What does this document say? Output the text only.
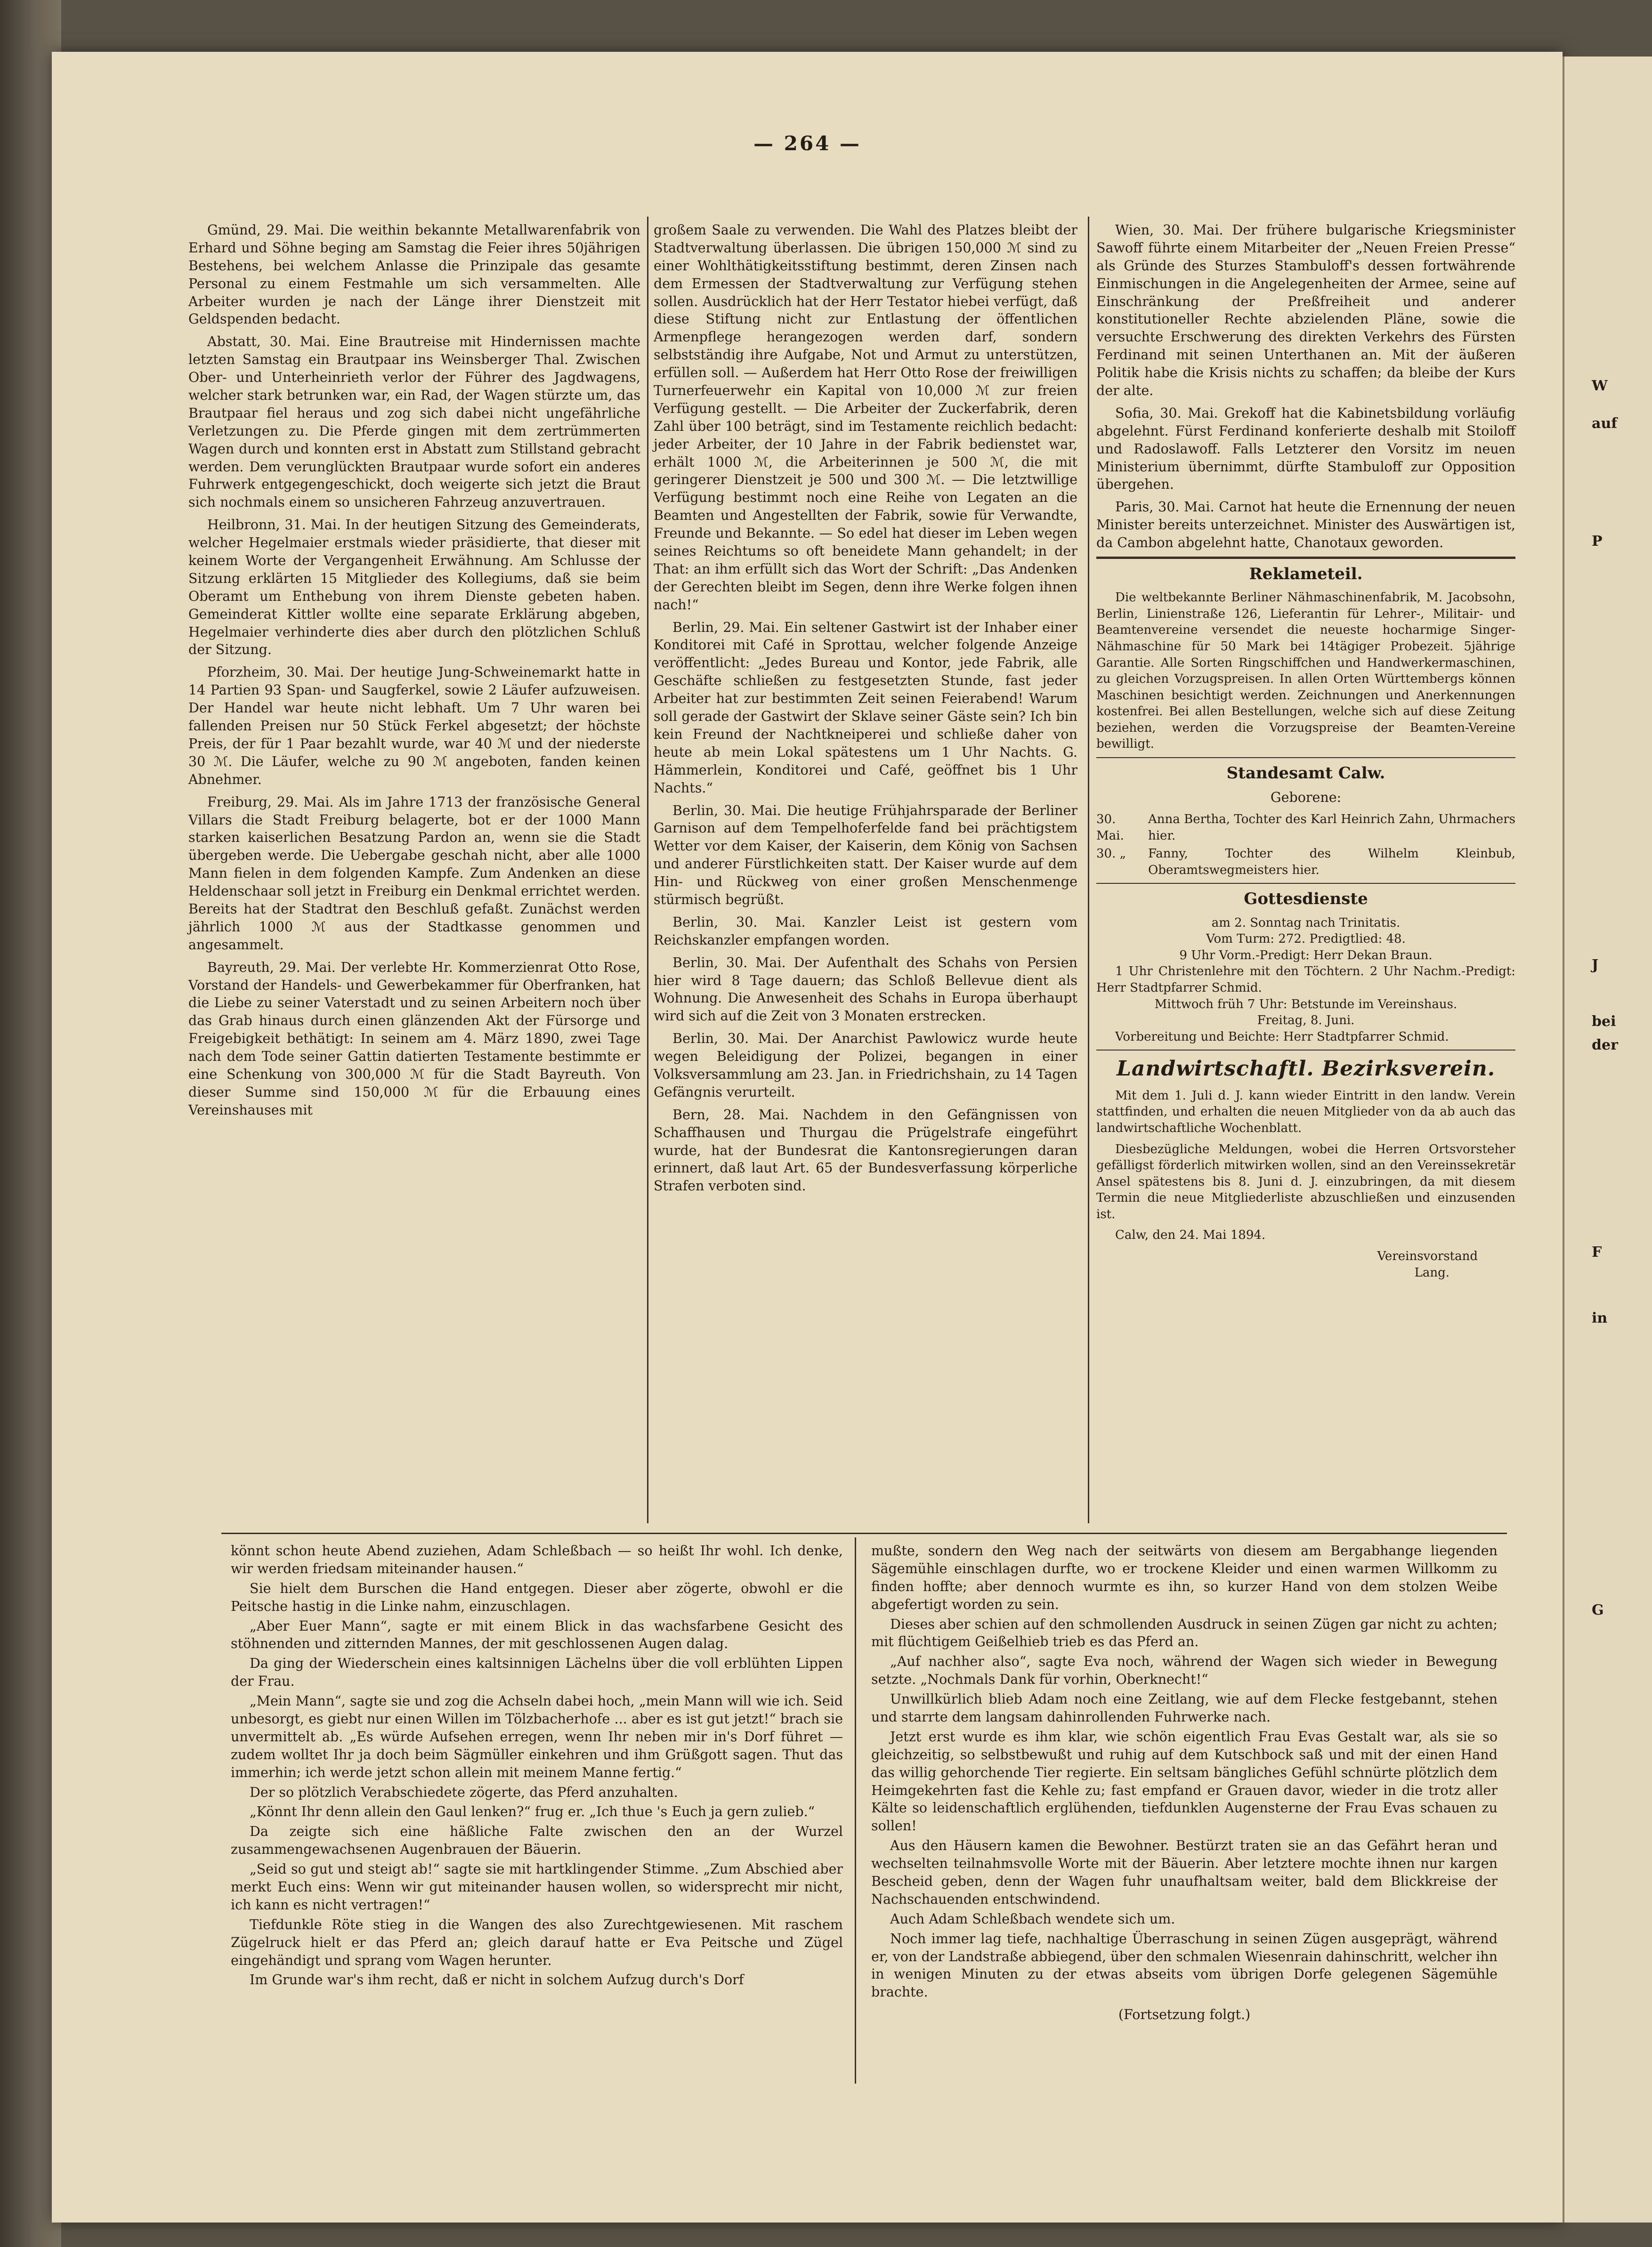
— 264 —

Gmünd, 29. Mai. Die weithin bekannte Metallwarenfabrik von Erhard und Söhne beging am Samstag die Feier ihres 50jährigen Bestehens, bei welchem Anlasse die Prinzipale das gesamte Personal zu einem Festmahle um sich versammelten. Alle Arbeiter wurden je nach der Länge ihrer Dienstzeit mit Geldspenden bedacht.

Abstatt, 30. Mai. Eine Brautreise mit Hindernissen machte letzten Samstag ein Brautpaar ins Weinsberger Thal. Zwischen Ober- und Unterheinrieth verlor der Führer des Jagdwagens, welcher stark betrunken war, ein Rad, der Wagen stürzte um, das Brautpaar fiel heraus und zog sich dabei nicht ungefährliche Verletzungen zu. Die Pferde gingen mit dem zertrümmerten Wagen durch und konnten erst in Abstatt zum Stillstand gebracht werden. Dem verunglückten Brautpaar wurde sofort ein anderes Fuhrwerk entgegengeschickt, doch weigerte sich jetzt die Braut sich nochmals einem so unsicheren Fahrzeug anzuvertrauen.

Heilbronn, 31. Mai. In der heutigen Sitzung des Gemeinderats, welcher Hegelmaier erstmals wieder präsidierte, that dieser mit keinem Worte der Vergangenheit Erwähnung. Am Schlusse der Sitzung erklärten 15 Mitglieder des Kollegiums, daß sie beim Oberamt um Enthebung von ihrem Dienste gebeten haben. Gemeinderat Kittler wollte eine separate Erklärung abgeben, Hegelmaier verhinderte dies aber durch den plötzlichen Schluß der Sitzung.

Pforzheim, 30. Mai. Der heutige Jung-Schweinemarkt hatte in 14 Partien 93 Span- und Saugferkel, sowie 2 Läufer aufzuweisen. Der Handel war heute nicht lebhaft. Um 7 Uhr waren bei fallenden Preisen nur 50 Stück Ferkel abgesetzt; der höchste Preis, der für 1 Paar bezahlt wurde, war 40 ℳ und der niederste 30 ℳ. Die Läufer, welche zu 90 ℳ angeboten, fanden keinen Abnehmer.

Freiburg, 29. Mai. Als im Jahre 1713 der französische General Villars die Stadt Freiburg belagerte, bot er der 1000 Mann starken kaiserlichen Besatzung Pardon an, wenn sie die Stadt übergeben werde. Die Uebergabe geschah nicht, aber alle 1000 Mann fielen in dem folgenden Kampfe. Zum Andenken an diese Heldenschaar soll jetzt in Freiburg ein Denkmal errichtet werden. Bereits hat der Stadtrat den Beschluß gefaßt. Zunächst werden jährlich 1000 ℳ aus der Stadtkasse genommen und angesammelt.

Bayreuth, 29. Mai. Der verlebte Hr. Kommerzienrat Otto Rose, Vorstand der Handels- und Gewerbekammer für Oberfranken, hat die Liebe zu seiner Vaterstadt und zu seinen Arbeitern noch über das Grab hinaus durch einen glänzenden Akt der Fürsorge und Freigebigkeit bethätigt: In seinem am 4. März 1890, zwei Tage nach dem Tode seiner Gattin datierten Testamente bestimmte er eine Schenkung von 300,000 ℳ für die Stadt Bayreuth. Von dieser Summe sind 150,000 ℳ für die Erbauung eines Vereinshauses mit

großem Saale zu verwenden. Die Wahl des Platzes bleibt der Stadtverwaltung überlassen. Die übrigen 150,000 ℳ sind zu einer Wohlthätigkeitsstiftung bestimmt, deren Zinsen nach dem Ermessen der Stadtverwaltung zur Verfügung stehen sollen. Ausdrücklich hat der Herr Testator hiebei verfügt, daß diese Stiftung nicht zur Entlastung der öffentlichen Armenpflege herangezogen werden darf, sondern selbstständig ihre Aufgabe, Not und Armut zu unterstützen, erfüllen soll. — Außerdem hat Herr Otto Rose der freiwilligen Turnerfeuerwehr ein Kapital von 10,000 ℳ zur freien Verfügung gestellt. — Die Arbeiter der Zuckerfabrik, deren Zahl über 100 beträgt, sind im Testamente reichlich bedacht: jeder Arbeiter, der 10 Jahre in der Fabrik bedienstet war, erhält 1000 ℳ, die Arbeiterinnen je 500 ℳ, die mit geringerer Dienstzeit je 500 und 300 ℳ. — Die letztwillige Verfügung bestimmt noch eine Reihe von Legaten an die Beamten und Angestellten der Fabrik, sowie für Verwandte, Freunde und Bekannte. — So edel hat dieser im Leben wegen seines Reichtums so oft beneidete Mann gehandelt; in der That: an ihm erfüllt sich das Wort der Schrift: „Das Andenken der Gerechten bleibt im Segen, denn ihre Werke folgen ihnen nach!“

Berlin, 29. Mai. Ein seltener Gastwirt ist der Inhaber einer Konditorei mit Café in Sprottau, welcher folgende Anzeige veröffentlicht: „Jedes Bureau und Kontor, jede Fabrik, alle Geschäfte schließen zu festgesetzten Stunde, fast jeder Arbeiter hat zur bestimmten Zeit seinen Feierabend! Warum soll gerade der Gastwirt der Sklave seiner Gäste sein? Ich bin kein Freund der Nachtkneiperei und schließe daher von heute ab mein Lokal spätestens um 1 Uhr Nachts. G. Hämmerlein, Konditorei und Café, geöffnet bis 1 Uhr Nachts.“

Berlin, 30. Mai. Die heutige Frühjahrsparade der Berliner Garnison auf dem Tempelhoferfelde fand bei prächtigstem Wetter vor dem Kaiser, der Kaiserin, dem König von Sachsen und anderer Fürstlichkeiten statt. Der Kaiser wurde auf dem Hin- und Rückweg von einer großen Menschenmenge stürmisch begrüßt.

Berlin, 30. Mai. Kanzler Leist ist gestern vom Reichskanzler empfangen worden.

Berlin, 30. Mai. Der Aufenthalt des Schahs von Persien hier wird 8 Tage dauern; das Schloß Bellevue dient als Wohnung. Die Anwesenheit des Schahs in Europa überhaupt wird sich auf die Zeit von 3 Monaten erstrecken.

Berlin, 30. Mai. Der Anarchist Pawlowicz wurde heute wegen Beleidigung der Polizei, begangen in einer Volksversammlung am 23. Jan. in Friedrichshain, zu 14 Tagen Gefängnis verurteilt.

Bern, 28. Mai. Nachdem in den Gefängnissen von Schaffhausen und Thurgau die Prügelstrafe eingeführt wurde, hat der Bundesrat die Kantonsregierungen daran erinnert, daß laut Art. 65 der Bundesverfassung körperliche Strafen verboten sind.

Wien, 30. Mai. Der frühere bulgarische Kriegsminister Sawoff führte einem Mitarbeiter der „Neuen Freien Presse“ als Gründe des Sturzes Stambuloff's dessen fortwährende Einmischungen in die Angelegenheiten der Armee, seine auf Einschränkung der Preßfreiheit und anderer konstitutioneller Rechte abzielenden Pläne, sowie die versuchte Erschwerung des direkten Verkehrs des Fürsten Ferdinand mit seinen Unterthanen an. Mit der äußeren Politik habe die Krisis nichts zu schaffen; da bleibe der Kurs der alte.

Sofia, 30. Mai. Grekoff hat die Kabinetsbildung vorläufig abgelehnt. Fürst Ferdinand konferierte deshalb mit Stoiloff und Radoslawoff. Falls Letzterer den Vorsitz im neuen Ministerium übernimmt, dürfte Stambuloff zur Opposition übergehen.

Paris, 30. Mai. Carnot hat heute die Ernennung der neuen Minister bereits unterzeichnet. Minister des Auswärtigen ist, da Cambon abgelehnt hatte, Chanotaux geworden.

Reklameteil.

Die weltbekannte Berliner Nähmaschinenfabrik, M. Jacobsohn, Berlin, Linienstraße 126, Lieferantin für Lehrer-, Militair- und Beamtenvereine versendet die neueste hocharmige Singer-Nähmaschine für 50 Mark bei 14tägiger Probezeit. 5jährige Garantie. Alle Sorten Ringschiffchen und Handwerkermaschinen, zu gleichen Vorzugspreisen. In allen Orten Württembergs können Maschinen besichtigt werden. Zeichnungen und Anerkennungen kostenfrei. Bei allen Bestellungen, welche sich auf diese Zeitung beziehen, werden die Vorzugspreise der Beamten-Vereine bewilligt.

Standesamt Calw.

Geborene:

30. Mai.
Anna Bertha, Tochter des Karl Heinrich Zahn, Uhrmachers hier.
30. „	Fanny, Tochter des Wilhelm Kleinbub, Oberamtswegmeisters hier.

Gottesdienste

am 2. Sonntag nach Trinitatis.

Vom Turm: 272. Predigtlied: 48.

9 Uhr Vorm.-Predigt: Herr Dekan Braun.

1 Uhr Christenlehre mit den Töchtern. 2 Uhr Nachm.-Predigt: Herr Stadtpfarrer Schmid.

Mittwoch früh 7 Uhr: Betstunde im Vereinshaus.

Freitag, 8. Juni.

Vorbereitung und Beichte: Herr Stadtpfarrer Schmid.

Landwirtschaftl. Bezirksverein.

Mit dem 1. Juli d. J. kann wieder Eintritt in den landw. Verein stattfinden, und erhalten die neuen Mitglieder von da ab auch das landwirtschaftliche Wochenblatt.

Diesbezügliche Meldungen, wobei die Herren Ortsvorsteher gefälligst förderlich mitwirken wollen, sind an den Vereinssekretär Ansel spätestens bis 8. Juni d. J. einzubringen, da mit diesem Termin die neue Mitgliederliste abzuschließen und einzusenden ist.

Calw, den 24. Mai 1894.

Vereinsvorstand

Lang.

könnt schon heute Abend zuziehen, Adam Schleßbach — so heißt Ihr wohl. Ich denke, wir werden friedsam miteinander hausen.“

Sie hielt dem Burschen die Hand entgegen. Dieser aber zögerte, obwohl er die Peitsche hastig in die Linke nahm, einzuschlagen.

„Aber Euer Mann“, sagte er mit einem Blick in das wachsfarbene Gesicht des stöhnenden und zitternden Mannes, der mit geschlossenen Augen dalag.

Da ging der Wiederschein eines kaltsinnigen Lächelns über die voll erblühten Lippen der Frau.

„Mein Mann“, sagte sie und zog die Achseln dabei hoch, „mein Mann will wie ich. Seid unbesorgt, es giebt nur einen Willen im Tölzbacherhofe ... aber es ist gut jetzt!“ brach sie unvermittelt ab. „Es würde Aufsehen erregen, wenn Ihr neben mir in's Dorf führet — zudem wolltet Ihr ja doch beim Sägmüller einkehren und ihm Grüßgott sagen. Thut das immerhin; ich werde jetzt schon allein mit meinem Manne fertig.“

Der so plötzlich Verabschiedete zögerte, das Pferd anzuhalten.

„Könnt Ihr denn allein den Gaul lenken?“ frug er. „Ich thue 's Euch ja gern zulieb.“

Da zeigte sich eine häßliche Falte zwischen den an der Wurzel zusammengewachsenen Augenbrauen der Bäuerin.

„Seid so gut und steigt ab!“ sagte sie mit hartklingender Stimme. „Zum Abschied aber merkt Euch eins: Wenn wir gut miteinander hausen wollen, so widersprecht mir nicht, ich kann es nicht vertragen!“

Tiefdunkle Röte stieg in die Wangen des also Zurechtgewiesenen. Mit raschem Zügelruck hielt er das Pferd an; gleich darauf hatte er Eva Peitsche und Zügel eingehändigt und sprang vom Wagen herunter.

Im Grunde war's ihm recht, daß er nicht in solchem Aufzug durch's Dorf

mußte, sondern den Weg nach der seitwärts von diesem am Bergabhange liegenden Sägemühle einschlagen durfte, wo er trockene Kleider und einen warmen Willkomm zu finden hoffte; aber dennoch wurmte es ihn, so kurzer Hand von dem stolzen Weibe abgefertigt worden zu sein.

Dieses aber schien auf den schmollenden Ausdruck in seinen Zügen gar nicht zu achten; mit flüchtigem Geißelhieb trieb es das Pferd an.

„Auf nachher also“, sagte Eva noch, während der Wagen sich wieder in Bewegung setzte. „Nochmals Dank für vorhin, Oberknecht!“

Unwillkürlich blieb Adam noch eine Zeitlang, wie auf dem Flecke festgebannt, stehen und starrte dem langsam dahinrollenden Fuhrwerke nach.

Jetzt erst wurde es ihm klar, wie schön eigentlich Frau Evas Gestalt war, als sie so gleichzeitig, so selbstbewußt und ruhig auf dem Kutschbock saß und mit der einen Hand das willig gehorchende Tier regierte. Ein seltsam bängliches Gefühl schnürte plötzlich dem Heimgekehrten fast die Kehle zu; fast empfand er Grauen davor, wieder in die trotz aller Kälte so leidenschaftlich erglühenden, tiefdunklen Augensterne der Frau Evas schauen zu sollen!

Aus den Häusern kamen die Bewohner. Bestürzt traten sie an das Gefährt heran und wechselten teilnahmsvolle Worte mit der Bäuerin. Aber letztere mochte ihnen nur kargen Bescheid geben, denn der Wagen fuhr unaufhaltsam weiter, bald dem Blickkreise der Nachschauenden entschwindend.

Auch Adam Schleßbach wendete sich um.

Noch immer lag tiefe, nachhaltige Überraschung in seinen Zügen ausgeprägt, während er, von der Landstraße abbiegend, über den schmalen Wiesenrain dahinschritt, welcher ihn in wenigen Minuten zu der etwas abseits vom übrigen Dorfe gelegenen Sägemühle brachte.

(Fortsetzung folgt.)

W
auf
P
J
bei
der
F
in
G
